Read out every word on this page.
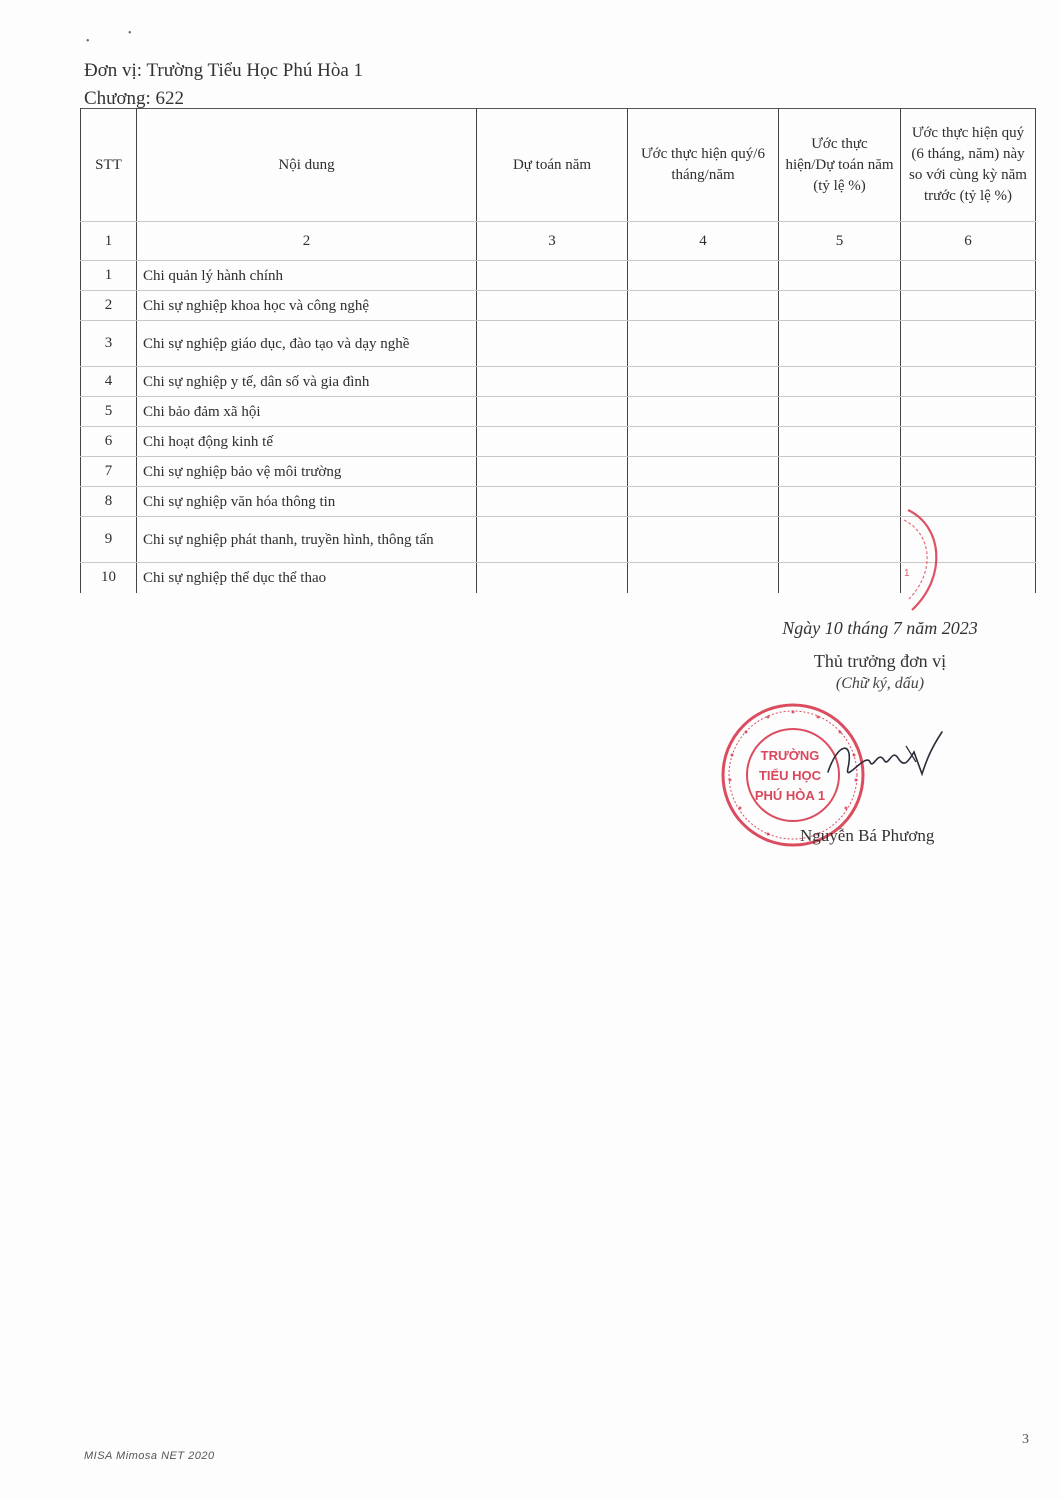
•
•
Đơn vị: Trường Tiểu Học Phú Hòa 1
Chương: 622
STT	Nội dung	Dự toán năm	Ước thực hiện quý/6 tháng/năm	Ước thực hiện/Dự toán năm (tỷ lệ %)	Ước thực hiện quý (6 tháng, năm) này so với cùng kỳ năm trước (tỷ lệ %)
1	2	3	4	5	6
1	Chi quản lý hành chính				
2	Chi sự nghiệp khoa học và công nghệ				
3	Chi sự nghiệp giáo dục, đào tạo và dạy nghề				
4	Chi sự nghiệp y tế, dân số và gia đình				
5	Chi bảo đảm xã hội				
6	Chi hoạt động kinh tế				
7	Chi sự nghiệp bảo vệ môi trường				
8	Chi sự nghiệp văn hóa thông tin				
9	Chi sự nghiệp phát thanh, truyền hình, thông tấn				
10	Chi sự nghiệp thể dục thể thao					1
Ngày 10 tháng 7 năm 2023
Thủ trưởng đơn vị
(Chữ ký, dấu)
TRƯỜNG
TIỂU HỌC
PHÚ HÒA 1
Nguyễn Bá Phương
MISA Mimosa NET 2020
3
